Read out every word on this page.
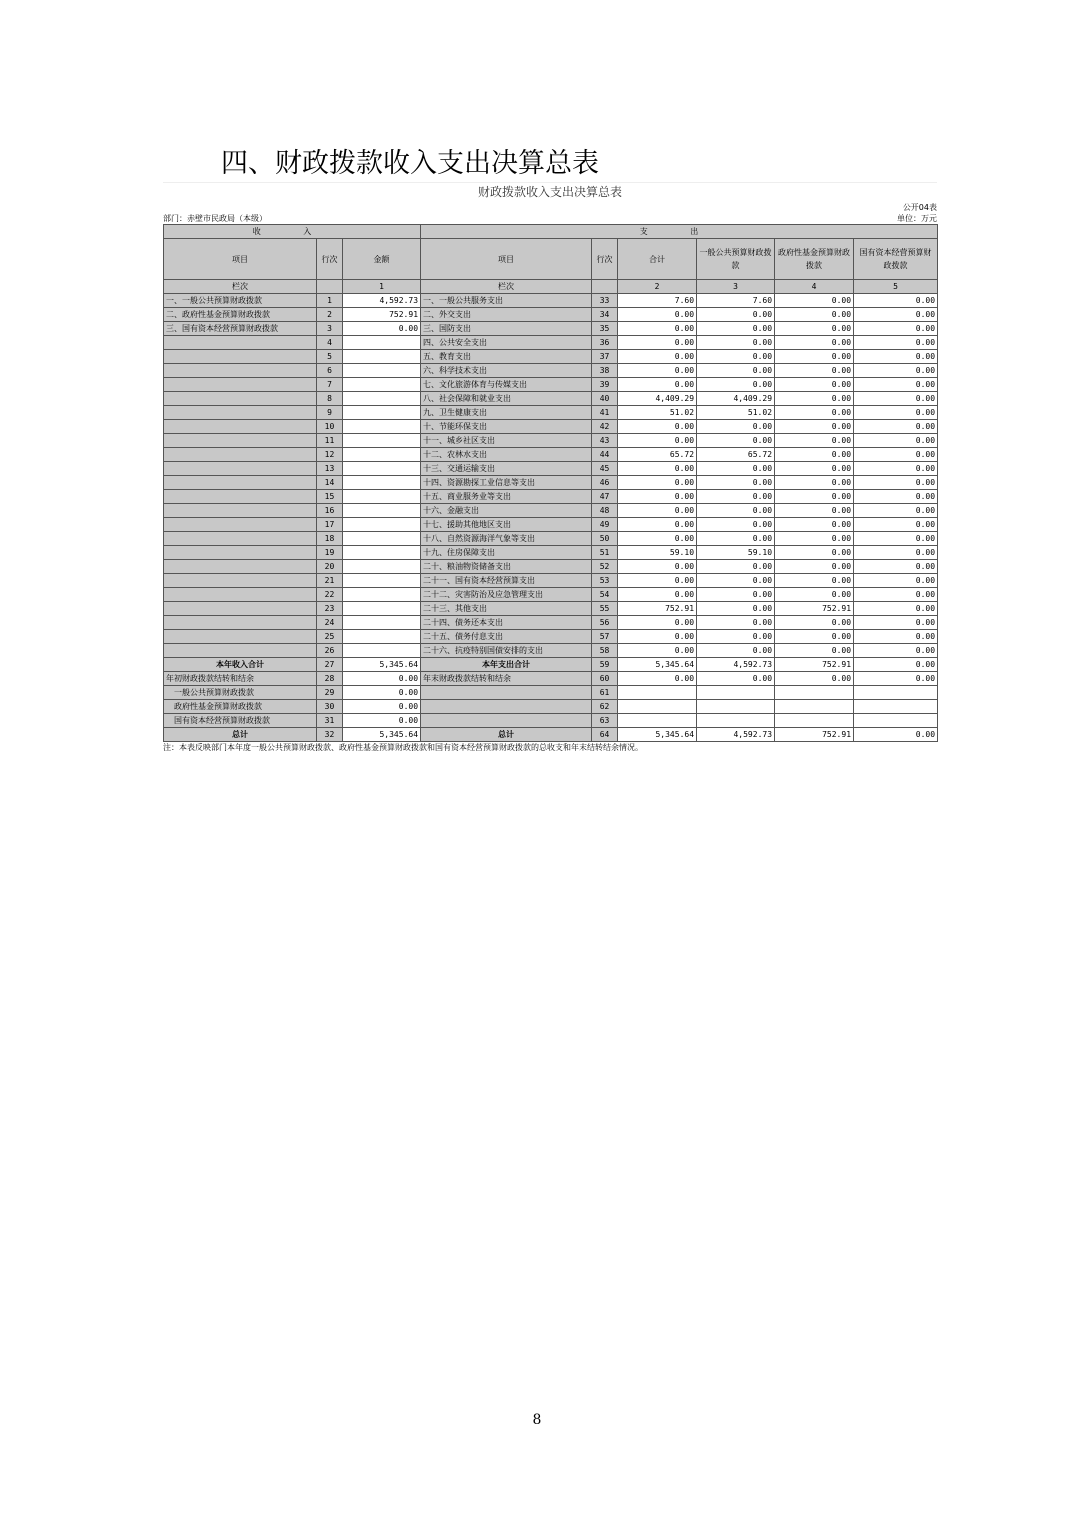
四、财政拨款收入支出决算总表
财政拨款收入支出决算总表
公开04表
部门：赤壁市民政局（本级）	单位：万元
收 入			支 出					
项目	行次	金额	项目	行次	合计	一般公共预算财政拨款	政府性基金预算财政拨款	国有资本经营预算财政拨款
栏次		1	栏次		2	3	4	5
一、一般公共预算财政拨款	1	4,592.73	一、一般公共服务支出	33	7.60	7.60	0.00	0.00
二、政府性基金预算财政拨款	2	752.91	二、外交支出	34	0.00	0.00	0.00	0.00
三、国有资本经营预算财政拨款	3	0.00	三、国防支出	35	0.00	0.00	0.00	0.00
	4		四、公共安全支出	36	0.00	0.00	0.00	0.00
	5		五、教育支出	37	0.00	0.00	0.00	0.00
	6		六、科学技术支出	38	0.00	0.00	0.00	0.00
	7		七、文化旅游体育与传媒支出	39	0.00	0.00	0.00	0.00
	8		八、社会保障和就业支出	40	4,409.29	4,409.29	0.00	0.00
	9		九、卫生健康支出	41	51.02	51.02	0.00	0.00
	10		十、节能环保支出	42	0.00	0.00	0.00	0.00
	11		十一、城乡社区支出	43	0.00	0.00	0.00	0.00
	12		十二、农林水支出	44	65.72	65.72	0.00	0.00
	13		十三、交通运输支出	45	0.00	0.00	0.00	0.00
	14		十四、资源勘探工业信息等支出	46	0.00	0.00	0.00	0.00
	15		十五、商业服务业等支出	47	0.00	0.00	0.00	0.00
	16		十六、金融支出	48	0.00	0.00	0.00	0.00
	17		十七、援助其他地区支出	49	0.00	0.00	0.00	0.00
	18		十八、自然资源海洋气象等支出	50	0.00	0.00	0.00	0.00
	19		十九、住房保障支出	51	59.10	59.10	0.00	0.00
	20		二十、粮油物资储备支出	52	0.00	0.00	0.00	0.00
	21		二十一、国有资本经营预算支出	53	0.00	0.00	0.00	0.00
	22		二十二、灾害防治及应急管理支出	54	0.00	0.00	0.00	0.00
	23		二十三、其他支出	55	752.91	0.00	752.91	0.00
	24		二十四、债务还本支出	56	0.00	0.00	0.00	0.00
	25		二十五、债务付息支出	57	0.00	0.00	0.00	0.00
	26		二十六、抗疫特别国债安排的支出	58	0.00	0.00	0.00	0.00
本年收入合计	27	5,345.64	本年支出合计	59	5,345.64	4,592.73	752.91	0.00
年初财政拨款结转和结余	28	0.00	年末财政拨款结转和结余	60	0.00	0.00	0.00	0.00
一般公共预算财政拨款	29	0.00		61				
政府性基金预算财政拨款	30	0.00		62				
国有资本经营预算财政拨款	31	0.00		63				
总计	32	5,345.64	总计	64	5,345.64	4,592.73	752.91	0.00
注：本表反映部门本年度一般公共预算财政拨款、政府性基金预算财政拨款和国有资本经营预算财政拨款的总收支和年末结转结余情况。
8
